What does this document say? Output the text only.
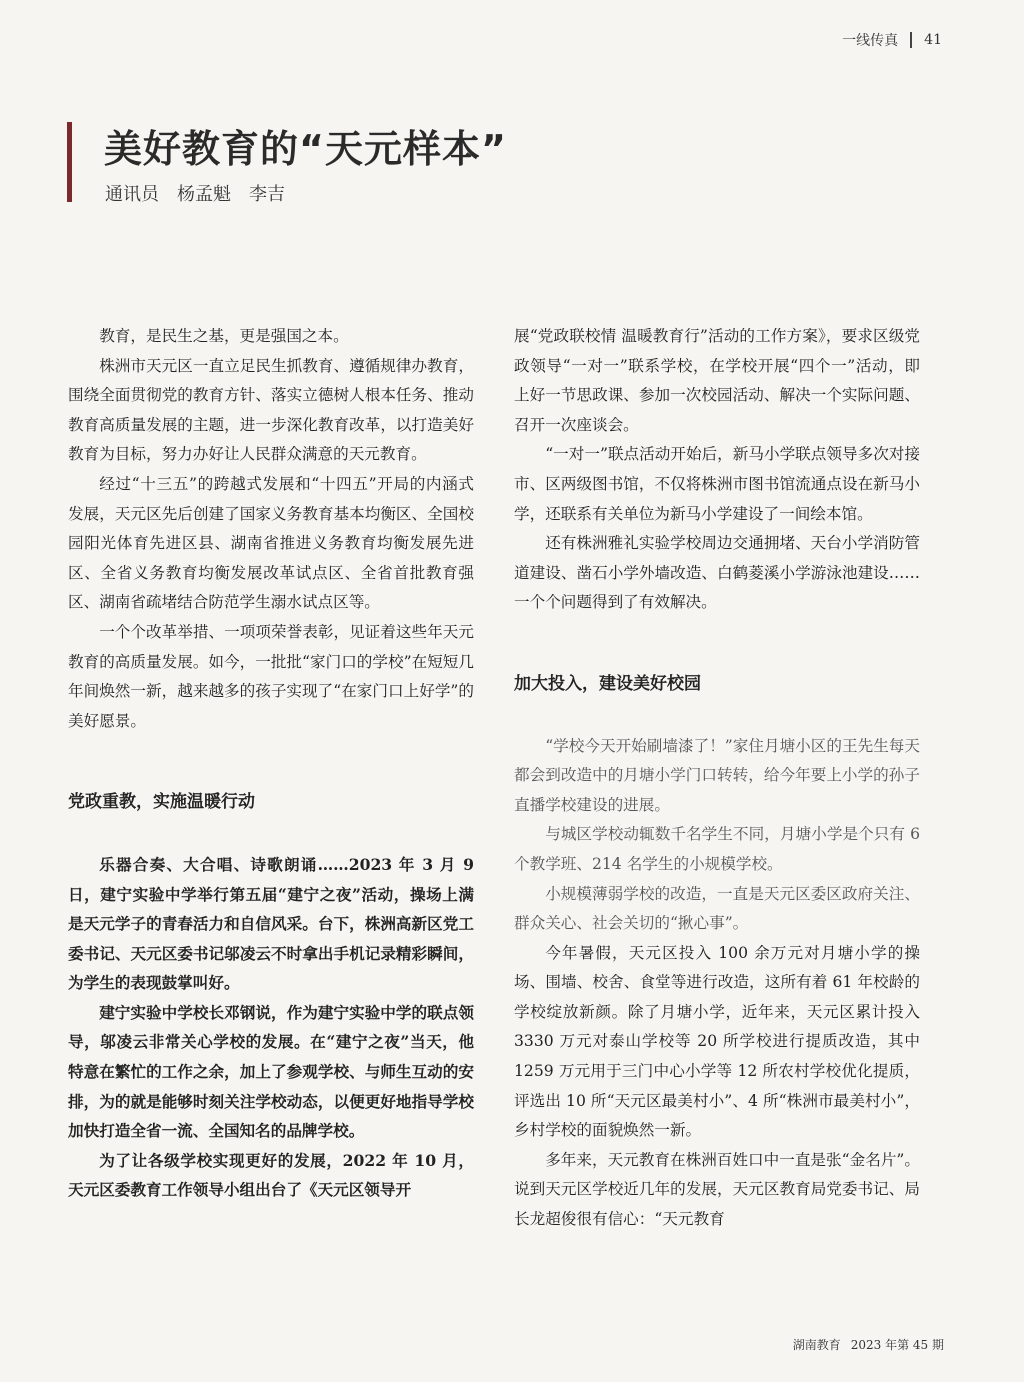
一线传真 41
美好教育的“天元样本”
通讯员 杨孟魁 李吉

教育，是民生之基，更是强国之本。

株洲市天元区一直立足民生抓教育、遵循规律办教育，围绕全面贯彻党的教育方针、落实立德树人根本任务、推动教育高质量发展的主题，进一步深化教育改革，以打造美好教育为目标，努力办好让人民群众满意的天元教育。

经过“十三五”的跨越式发展和“十四五”开局的内涵式发展，天元区先后创建了国家义务教育基本均衡区、全国校园阳光体育先进区县、湖南省推进义务教育均衡发展先进区、全省义务教育均衡发展改革试点区、全省首批教育强区、湖南省疏堵结合防范学生溺水试点区等。

一个个改革举措、一项项荣誉表彰，见证着这些年天元教育的高质量发展。如今，一批批“家门口的学校”在短短几年间焕然一新，越来越多的孩子实现了“在家门口上好学”的美好愿景。

党政重教，实施温暖行动

乐器合奏、大合唱、诗歌朗诵……2023 年 3 月 9 日，建宁实验中学举行第五届“建宁之夜”活动，操场上满是天元学子的青春活力和自信风采。台下，株洲高新区党工委书记、天元区委书记邬凌云不时拿出手机记录精彩瞬间，为学生的表现鼓掌叫好。

建宁实验中学校长邓钢说，作为建宁实验中学的联点领导，邬凌云非常关心学校的发展。在“建宁之夜”当天，他特意在繁忙的工作之余，加上了参观学校、与师生互动的安排，为的就是能够时刻关注学校动态，以便更好地指导学校加快打造全省一流、全国知名的品牌学校。

为了让各级学校实现更好的发展，2022 年 10 月，天元区委教育工作领导小组出台了《天元区领导开

展“党政联校情 温暖教育行”活动的工作方案》，要求区级党政领导“一对一”联系学校，在学校开展“四个一”活动，即上好一节思政课、参加一次校园活动、解决一个实际问题、召开一次座谈会。

“一对一”联点活动开始后，新马小学联点领导多次对接市、区两级图书馆，不仅将株洲市图书馆流通点设在新马小学，还联系有关单位为新马小学建设了一间绘本馆。

还有株洲雅礼实验学校周边交通拥堵、天台小学消防管道建设、凿石小学外墙改造、白鹤菱溪小学游泳池建设……一个个问题得到了有效解决。

加大投入，建设美好校园

“学校今天开始刷墙漆了！”家住月塘小区的王先生每天都会到改造中的月塘小学门口转转，给今年要上小学的孙子直播学校建设的进展。

与城区学校动辄数千名学生不同，月塘小学是个只有 6 个教学班、214 名学生的小规模学校。

小规模薄弱学校的改造，一直是天元区委区政府关注、群众关心、社会关切的“揪心事”。

今年暑假，天元区投入 100 余万元对月塘小学的操场、围墙、校舍、食堂等进行改造，这所有着 61 年校龄的学校绽放新颜。除了月塘小学，近年来，天元区累计投入 3330 万元对泰山学校等 20 所学校进行提质改造，其中 1259 万元用于三门中心小学等 12 所农村学校优化提质，评选出 10 所“天元区最美村小”、4 所“株洲市最美村小”，乡村学校的面貌焕然一新。

多年来，天元教育在株洲百姓口中一直是张“金名片”。说到天元区学校近几年的发展，天元区教育局党委书记、局长龙超俊很有信心：“天元教育

湖南教育 2023 年第 45 期
